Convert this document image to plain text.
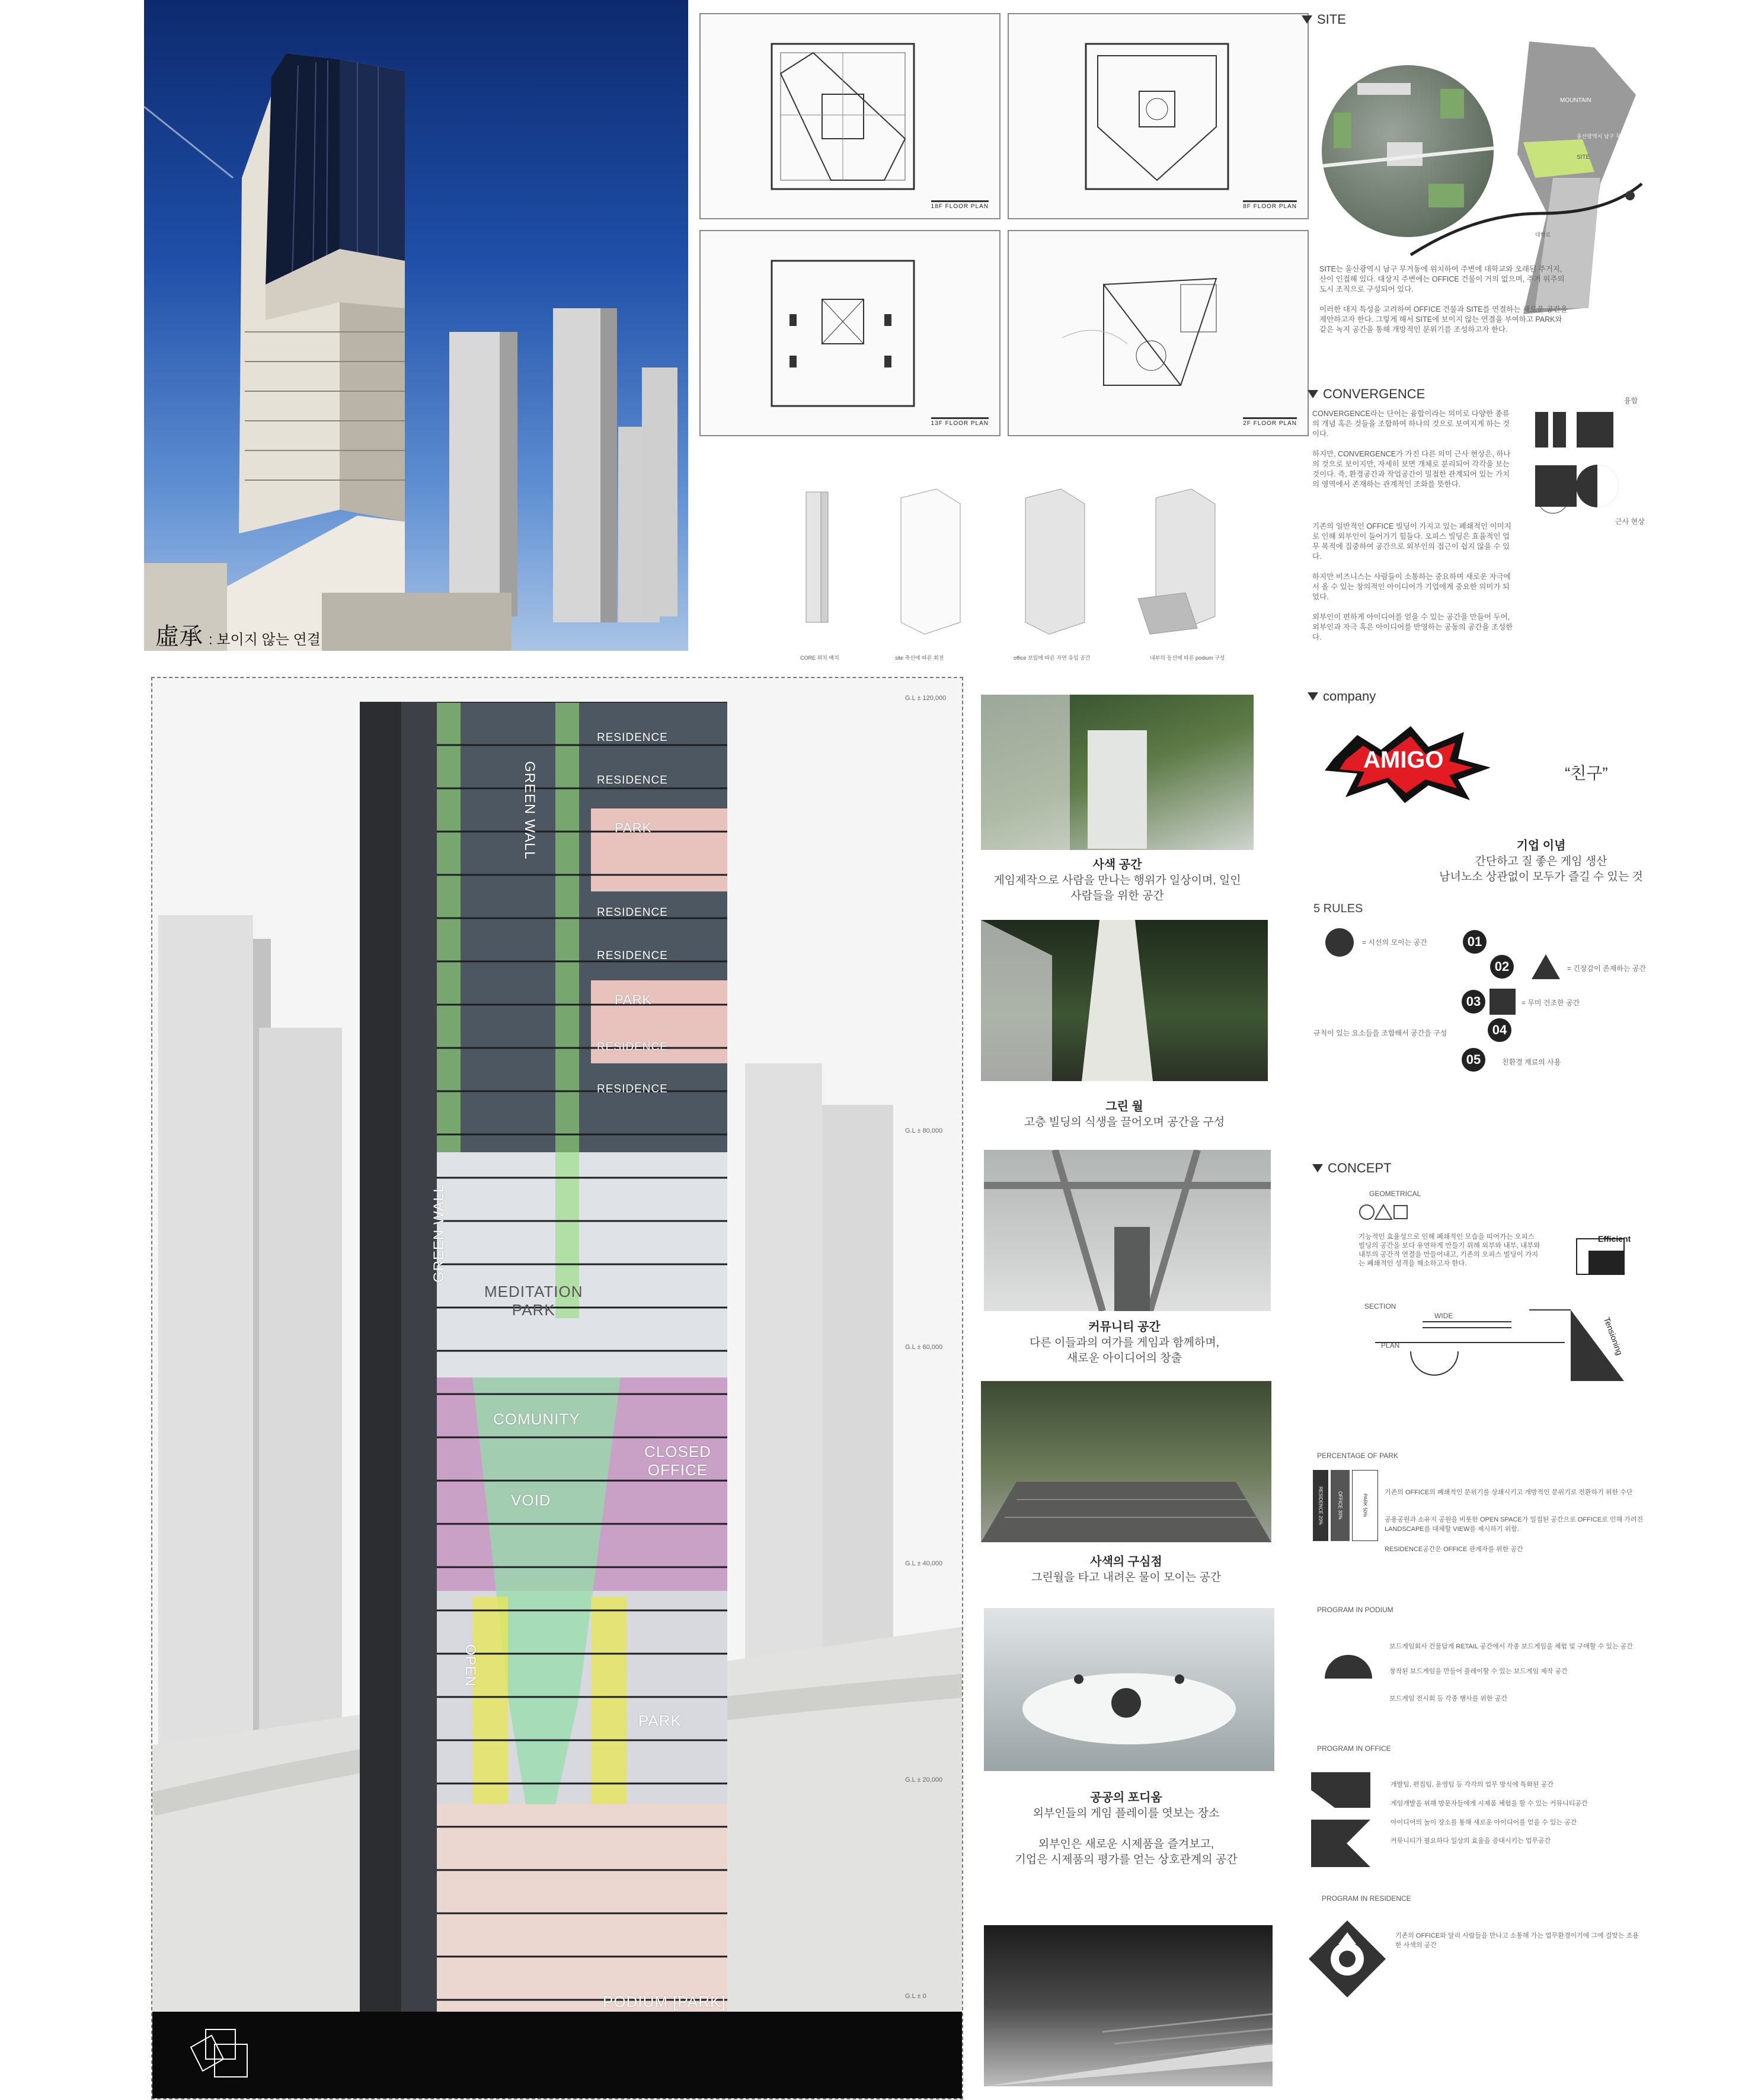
虛承 : 보이지 않는 연결
18F FLOOR PLAN	8F FLOOR PLAN
13F FLOOR PLAN	2F FLOOR PLAN
CORE 위치 배치	site 축선에 따른 회전	office 보일에 따른 자연 유입 공간	내부의 동선에 따른 podium 구성
SITE
MOUNTAIN
울산광역시 남구 무거동 1225-3
SITE
OLD COMMUNITY
대학로
SITE는 울산광역시 남구 무거동에 위치하여 주변에 대학교와 오래된 주거지, 산이 인접해 있다. 대상지 주변에는 OFFICE 건물이 거의 없으며, 주거 위주의 도시 조직으로 구성되어 있다.

이러한 대지 특성을 고려하여 OFFICE 건물과 SITE를 연결하는 새로운 공간을 제안하고자 한다. 그렇게 해서 SITE에 보이지 않는 연결을 부여하고 PARK와 같은 녹지 공간을 통해 개방적인 분위기를 조성하고자 한다.
CONVERGENCE
CONVERGENCE라는 단어는 융합이라는 의미로 다양한 종류의 개념 혹은 것들을 조합하여 하나의 것으로 보여지게 하는 것이다.

하지만, CONVERGENCE가 가진 다른 의미 근사 현상은, 하나의 것으로 보이지만, 자세히 보면 개체로 분리되어 각각을 보는 것이다. 즉, 환경공간과 작업공간이 밀접한 관계되어 있는 가치의 영역에서 존재하는 관계적인 조화를 뜻한다.
기존의 일반적인 OFFICE 빌딩이 가지고 있는 폐쇄적인 이미지로 인해 외부인이 들어가기 힘들다. 오피스 빌딩은 효율적인 업무 목적에 집중하여 공간으로 외부인의 접근이 쉽지 않을 수 있다.

하지만 비즈니스는 사람들이 소통하는 중요하며 새로운 자극에서 올 수 있는 창의적인 아이디어가 기업에게 중요한 의미가 되었다.

외부인이 편하게 아이디어를 얻을 수 있는 공간을 만들어 두어, 외부인과 자극 혹은 아이디어를 반영하는 공동의 공간을 조성한다.
융합
근사 현상
RESIDENCE
RESIDENCE
PARK
RESIDENCE
RESIDENCE
PARK
RESIDENCE
RESIDENCE
GREEN WALL
GREEN WALL
MEDITATION
PARK
COMUNITY
VOID
CLOSED
OFFICE
OPEN
PARK
PODIUM [PARK]
G.L ± 120,000
G.L ± 80,000
G.L ± 60,000
G.L ± 40,000
G.L ± 20,000
G.L ± 0
사색 공간
게임제작으로 사람을 만나는 행위가 일상이며, 일인
사람들을 위한 공간
그린 월
고층 빌딩의 식생을 끌어오며 공간을 구성
커뮤니티 공간
다른 이들과의 여가를 게임과 함께하며,
새로운 아이디어의 창출
사색의 구심점
그린월을 타고 내려온 물이 모이는 공간
공공의 포디움
외부인들의 게임 플레이를 엿보는 장소

외부인은 새로운 시제품을 즐겨보고,
기업은 시제품의 평가를 얻는 상호관계의 공간
company
AMIGO
“친구”
기업 이념
간단하고 질 좋은 게임 생산
남녀노소 상관없이 모두가 즐길 수 있는 것
5 RULES
= 시선의 모이는 공간	01
02	= 긴장감이 존재하는 공간
03	= 무미 건조한 공간
규칙이 있는 요소들을 조합해서 공간을 구성	04
05	친환경 재료의 사용
CONCEPT
GEOMETRICAL
기능적인 효율성으로 인해 폐쇄적인 모습을 띠어가는 오피스 빌딩의 공간을 보다 유연하게 만들기 위해 외부와 내부, 내부와 내부의 공간적 연결을 만들어내고, 기존의 오피스 빌딩이 가지는 폐쇄적인 성격을 해소하고자 한다.
Efficient
SECTION
WIDE
PLAN	Tensioning
PERCENTAGE OF PARK
RESIDENCE 20%	OFFICE 30%	PARK 50%
기존의 OFFICE의 폐쇄적인 분위기를 상쇄시키고 개방적인 분위기로 전환하기 위한 수단
공용공원과 소유지 공원을 비롯한 OPEN SPACE가 밀집된 공간으로 OFFICE로 인해 가려진 LANDSCAPE를 대체할 VIEW를 제시하기 위함.
RESIDENCE공간은 OFFICE 관계자를 위한 공간
PROGRAM IN PODIUM
보드게임회사 건물답게 RETAIL 공간에서 각종 보드게임을 체험 및 구매할 수 있는 공간
창작된 보드게임을 만들어 플레이할 수 있는 보드게임 제작 공간
보드게임 전시회 등 각종 행사를 위한 공간
PROGRAM IN OFFICE
개발팀, 편집팀, 운영팀 등 각각의 업무 방식에 특화된 공간
게임개발을 위해 방문자들에게 시제품 체험을 할 수 있는 커뮤니티공간
아이디어의 놀이 장소를 통해 새로운 아이디어를 얻을 수 있는 공간
커뮤니티가 필요하다 일상의 효율을 증대시키는 업무공간
PROGRAM IN RESIDENCE
기존의 OFFICE와 달리 사람들을 만나고 소통해 가는 업무환경이기에 그에 걸맞는 조용한 사색의 공간
